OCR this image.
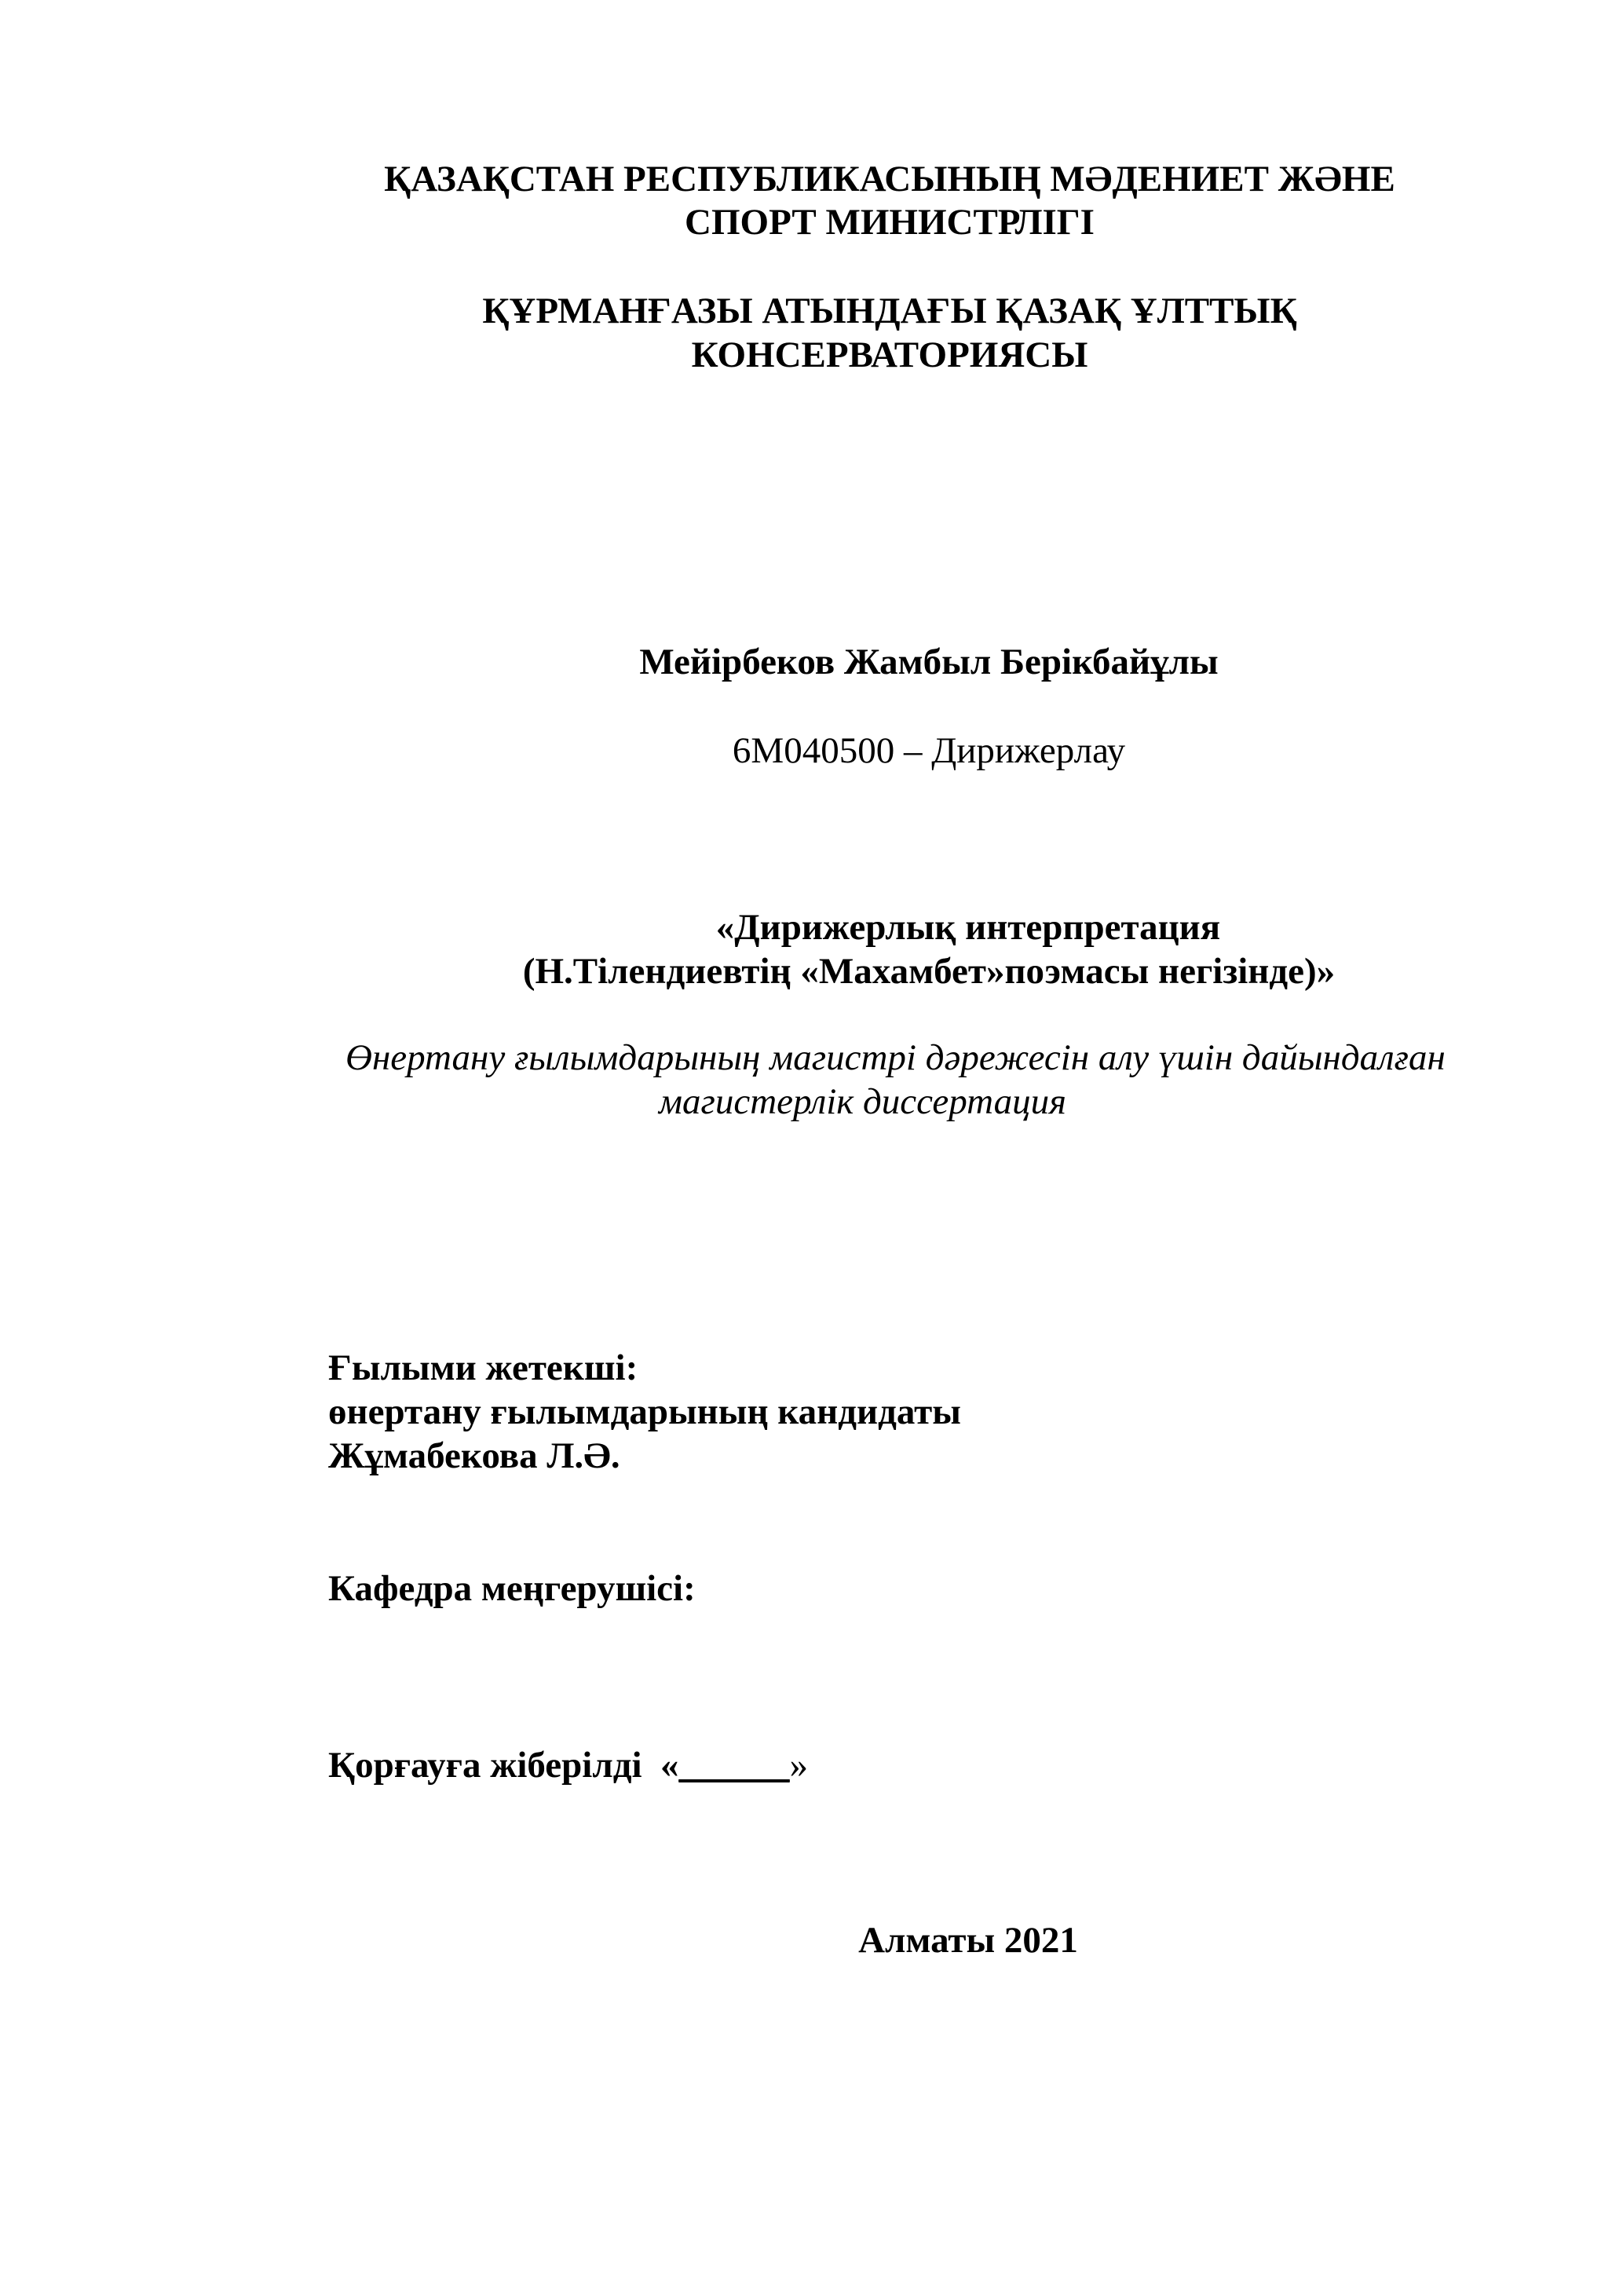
ҚАЗАҚСТАН РЕСПУБЛИКАСЫНЫҢ МӘДЕНИЕТ ЖӘНЕ
СПОРТ МИНИСТРЛІГІ
ҚҰРМАНҒАЗЫ АТЫНДАҒЫ ҚАЗАҚ ҰЛТТЫҚ
КОНСЕРВАТОРИЯСЫ
Мейірбеков Жамбыл Берікбайұлы
6М040500 – Дирижерлау
«Дирижерлық интерпретация
(Н.Тілендиевтің «Махамбет»поэмасы негізінде)»
Өнертану ғылымдарының магистрі дәрежесін алу үшін дайындалған
магистерлік диссертация
Ғылыми жетекші:
өнертану ғылымдарының кандидаты
Жұмабекова Л.Ә.
Кафедра меңгерушісі:
Қорғауға жіберілді «______»
Алматы 2021
